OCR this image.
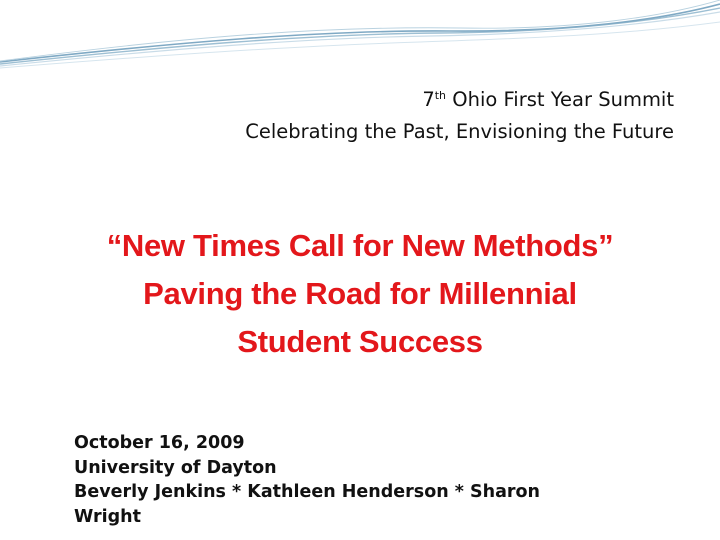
7th Ohio First Year Summit
Celebrating the Past, Envisioning the Future
“New Times Call for New Methods”
Paving the Road for Millennial
Student Success
October 16, 2009
University of Dayton
Beverly Jenkins * Kathleen Henderson * Sharon
Wright
